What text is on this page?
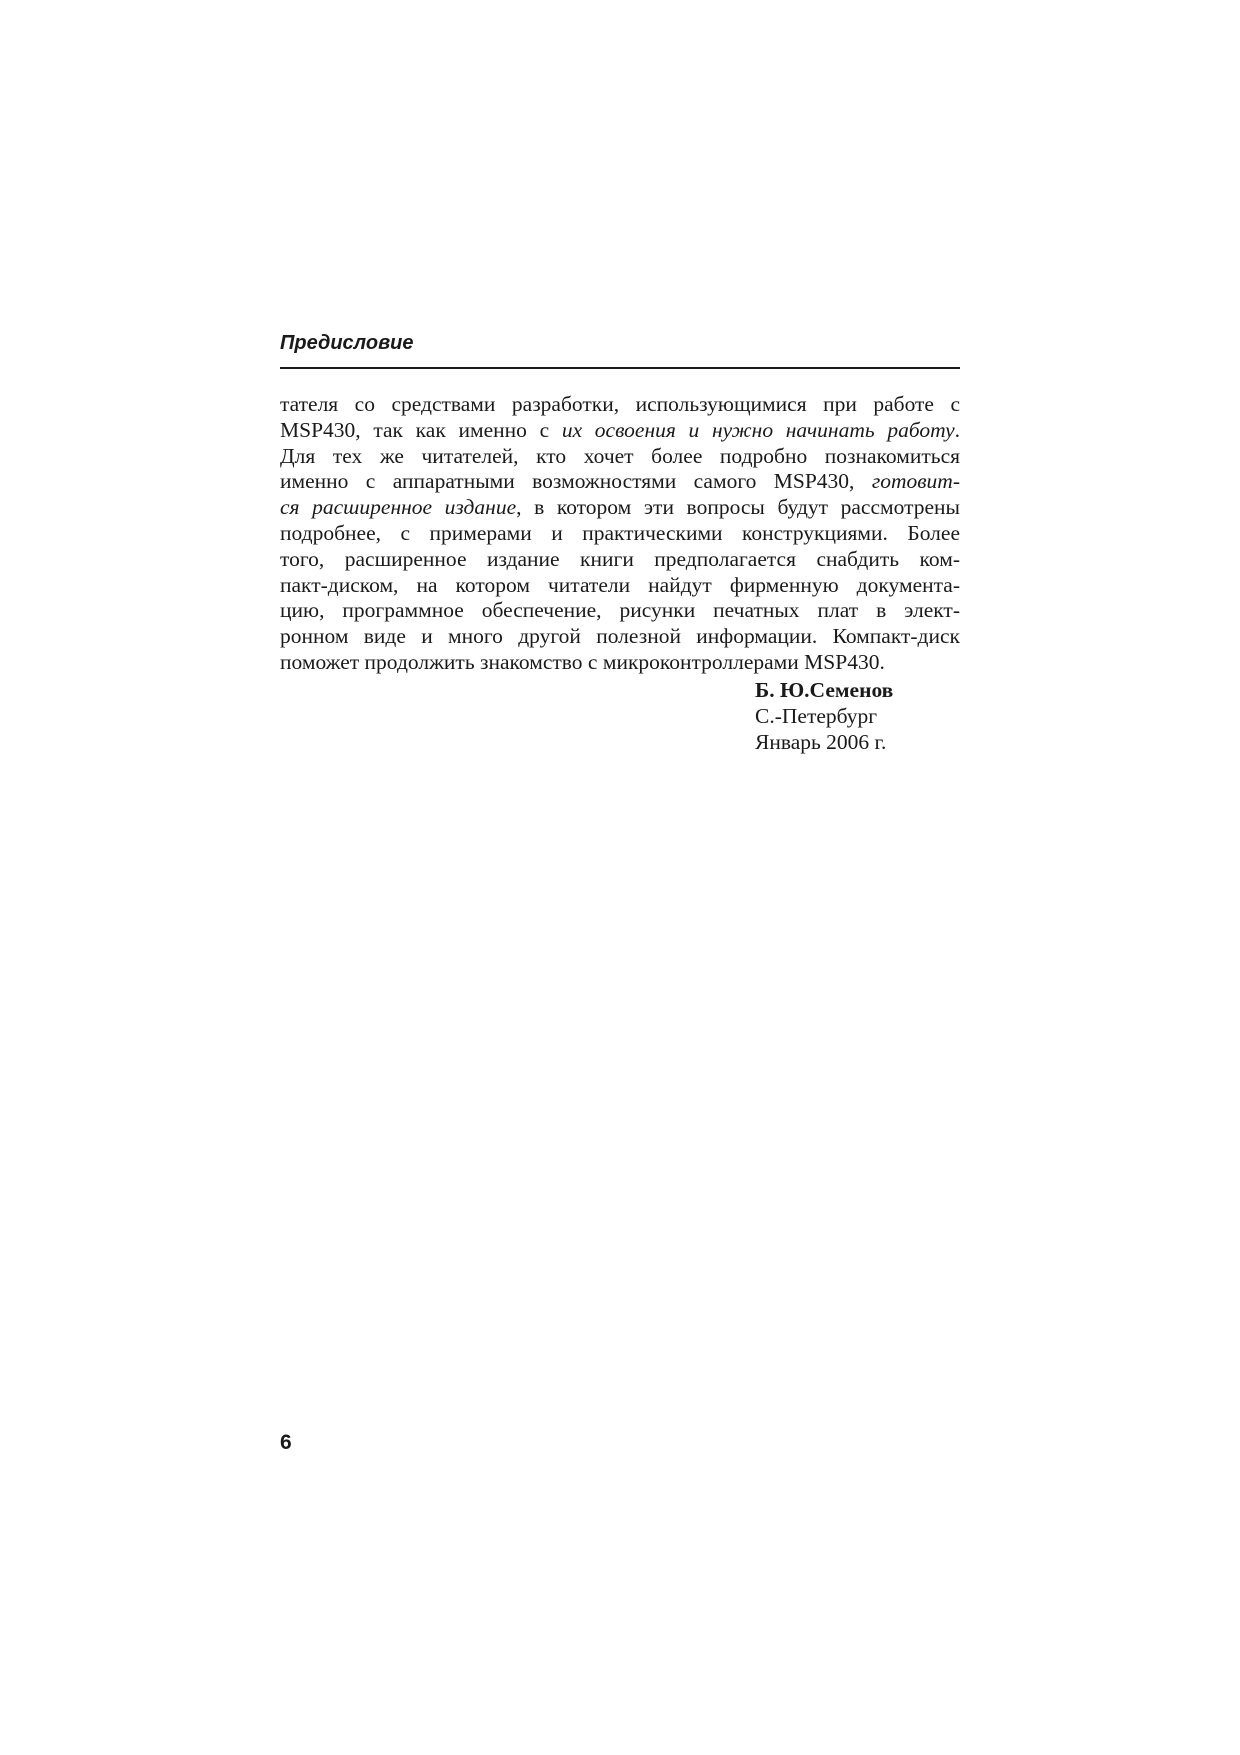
Предисловие
тателя со средствами разработки, использующимися при работе с
MSP430, так как именно с их освоения и нужно начинать работу.
Для тех же читателей, кто хочет более подробно познакомиться
именно с аппаратными возможностями самого MSP430, готовит-
ся расширенное издание, в котором эти вопросы будут рассмотрены
подробнее, с примерами и практическими конструкциями. Более
того, расширенное издание книги предполагается снабдить ком-
пакт-диском, на котором читатели найдут фирменную документа-
цию, программное обеспечение, рисунки печатных плат в элект-
ронном виде и много другой полезной информации. Компакт-диск
поможет продолжить знакомство с микроконтроллерами MSP430.
Б. Ю.Семенов
С.-Петербург
Январь 2006 г.
6
